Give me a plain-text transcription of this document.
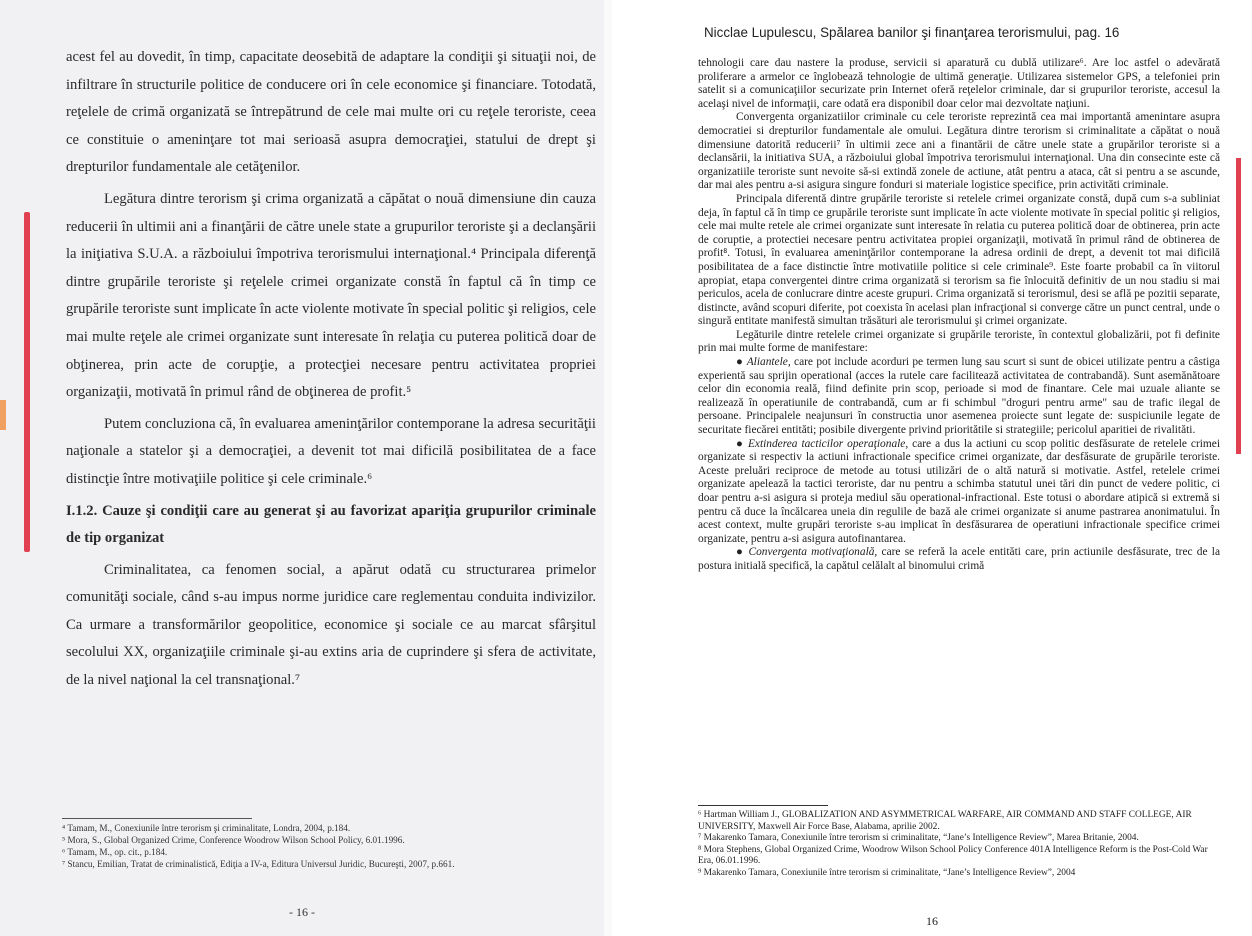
acest fel au dovedit, în timp, capacitate deosebită de adaptare la condiţii şi situaţii noi, de infiltrare în structurile politice de conducere ori în cele economice şi financiare. Totodată, reţelele de crimă organizată se întrepătrund de cele mai multe ori cu reţele teroriste, ceea ce constituie o ameninţare tot mai serioasă asupra democraţiei, statului de drept şi drepturilor fundamentale ale cetăţenilor.

Legătura dintre terorism şi crima organizată a căpătat o nouă dimensiune din cauza reducerii în ultimii ani a finanţării de către unele state a grupurilor teroriste şi a declanşării la iniţiativa S.U.A. a războiului împotriva terorismului internaţional.⁴ Principala diferenţă dintre grupările teroriste şi reţelele crimei organizate constă în faptul că în timp ce grupările teroriste sunt implicate în acte violente motivate în special politic şi religios, cele mai multe reţele ale crimei organizate sunt interesate în relaţia cu puterea politică doar de obţinerea, prin acte de corupţie, a protecţiei necesare pentru activitatea propriei organizaţii, motivată în primul rând de obţinerea de profit.⁵

Putem concluziona că, în evaluarea ameninţărilor contemporane la adresa securităţii naţionale a statelor şi a democraţiei, a devenit tot mai dificilă posibilitatea de a face distincţie între motivaţiile politice şi cele criminale.⁶

I.1.2. Cauze şi condiţii care au generat şi au favorizat apariţia grupurilor criminale de tip organizat

Criminalitatea, ca fenomen social, a apărut odată cu structurarea primelor comunităţi sociale, când s-au impus norme juridice care reglementau conduita indivizilor. Ca urmare a transformărilor geopolitice, economice şi sociale ce au marcat sfârşitul secolului XX, organizaţiile criminale şi-au extins aria de cuprindere şi sfera de activitate, de la nivel naţional la cel transnaţional.⁷

⁴ Tamam, M., Conexiunile între terorism şi criminalitate, Londra, 2004, p.184.
⁵ Mora, S., Global Organized Crime, Conference Woodrow Wilson School Policy, 6.01.1996.
⁶ Tamam, M., op. cit., p.184.
⁷ Stancu, Emilian, Tratat de criminalistică, Ediţia a IV-a, Editura Universul Juridic, Bucureşti, 2007, p.661.
- 16 -
Nicclae Lupulescu, Spălarea banilor şi finanţarea terorismului, pag. 16

tehnologii care dau nastere la produse, servicii si aparatură cu dublă utilizare⁶. Are loc astfel o adevărată proliferare a armelor ce înglobează tehnologie de ultimă generaţie. Utilizarea sistemelor GPS, a telefoniei prin satelit si a comunicaţiilor securizate prin Internet oferă reţelelor criminale, dar si grupurilor teroriste, accesul la acelaşi nivel de informaţii, care odată era disponibil doar celor mai dezvoltate naţiuni.

Convergenta organizatiilor criminale cu cele teroriste reprezintă cea mai importantă amenintare asupra democratiei si drepturilor fundamentale ale omului. Legătura dintre terorism si criminalitate a căpătat o nouă dimensiune datorită reducerii⁷ în ultimii zece ani a finantării de către unele state a grupărilor teroriste si a declansării, la initiativa SUA, a războiului global împotriva terorismului internaţional. Una din consecinte este că organizatiile teroriste sunt nevoite să-si extindă zonele de actiune, atât pentru a ataca, cât si pentru a se ascunde, dar mai ales pentru a-si asigura singure fonduri si materiale logistice specifice, prin activităti criminale.

Principala diferentă dintre grupările teroriste si retelele crimei organizate constă, după cum s-a subliniat deja, în faptul că în timp ce grupările teroriste sunt implicate în acte violente motivate în special politic şi religios, cele mai multe retele ale crimei organizate sunt interesate în relatia cu puterea politică doar de obtinerea, prin acte de coruptie, a protectiei necesare pentru activitatea propiei organizaţii, motivată în primul rând de obtinerea de profit⁸. Totusi, în evaluarea ameninţărilor contemporane la adresa ordinii de drept, a devenit tot mai dificilă posibilitatea de a face distinctie între motivatiile politice si cele criminale⁹. Este foarte probabil ca în viitorul apropiat, etapa convergentei dintre crima organizată si terorism sa fie înlocuită definitiv de un nou stadiu si mai periculos, acela de conlucrare dintre aceste grupuri. Crima organizată si terorismul, desi se află pe pozitii separate, distincte, având scopuri diferite, pot coexista în acelasi plan infracţional si converge către un punct central, unde o singură entitate manifestă simultan trăsături ale terorismului şi crimei organizate.

Legăturile dintre retelele crimei organizate si grupările teroriste, în contextul globalizării, pot fi definite prin mai multe forme de manifestare:

● Aliantele, care pot include acorduri pe termen lung sau scurt si sunt de obicei utilizate pentru a câstiga experientă sau sprijin operational (acces la rutele care facilitează activitatea de contrabandă). Sunt asemănătoare celor din economia reală, fiind definite prin scop, perioade si mod de finantare. Cele mai uzuale aliante se realizează în operatiunile de contrabandă, cum ar fi schimbul "droguri pentru arme" sau de trafic ilegal de persoane. Principalele neajunsuri în constructia unor asemenea proiecte sunt legate de: suspiciunile legate de securitate fiecărei entităti; posibile divergente privind prioritătile si strategiile; pericolul aparitiei de rivalităti.

● Extinderea tacticilor operaţionale, care a dus la actiuni cu scop politic desfăsurate de retelele crimei organizate si respectiv la actiuni infractionale specifice crimei organizate, dar desfăsurate de grupările teroriste. Aceste preluări reciproce de metode au totusi utilizări de o altă natură si motivatie. Astfel, retelele crimei organizate apelează la tactici teroriste, dar nu pentru a schimba statutul unei tări din punct de vedere politic, ci doar pentru a-si asigura si proteja mediul său operational-infractional. Este totusi o abordare atipică si extremă si pentru că duce la încălcarea uneia din regulile de bază ale crimei organizate si anume pastrarea anonimatului. În acest context, multe grupări teroriste s-au implicat în desfăsurarea de operatiuni infractionale specifice crimei organizate, pentru a-si asigura autofinantarea.

● Convergenta motivaţională, care se referă la acele entităti care, prin actiunile desfăsurate, trec de la postura initială specifică, la capătul celălalt al binomului crimă

⁶ Hartman William J., GLOBALIZATION AND ASYMMETRICAL WARFARE, AIR COMMAND AND STAFF COLLEGE, AIR UNIVERSITY, Maxwell Air Force Base, Alabama, aprilie 2002.

⁷ Makarenko Tamara, Conexiunile între terorism si criminalitate, “Jane’s Intelligence Review”, Marea Britanie, 2004.

⁸ Mora Stephens, Global Organized Crime, Woodrow Wilson School Policy Conference 401A Intelligence Reform is the Post-Cold War Era, 06.01.1996.

⁹ Makarenko Tamara, Conexiunile între terorism si criminalitate, “Jane’s Intelligence Review”, 2004

16
